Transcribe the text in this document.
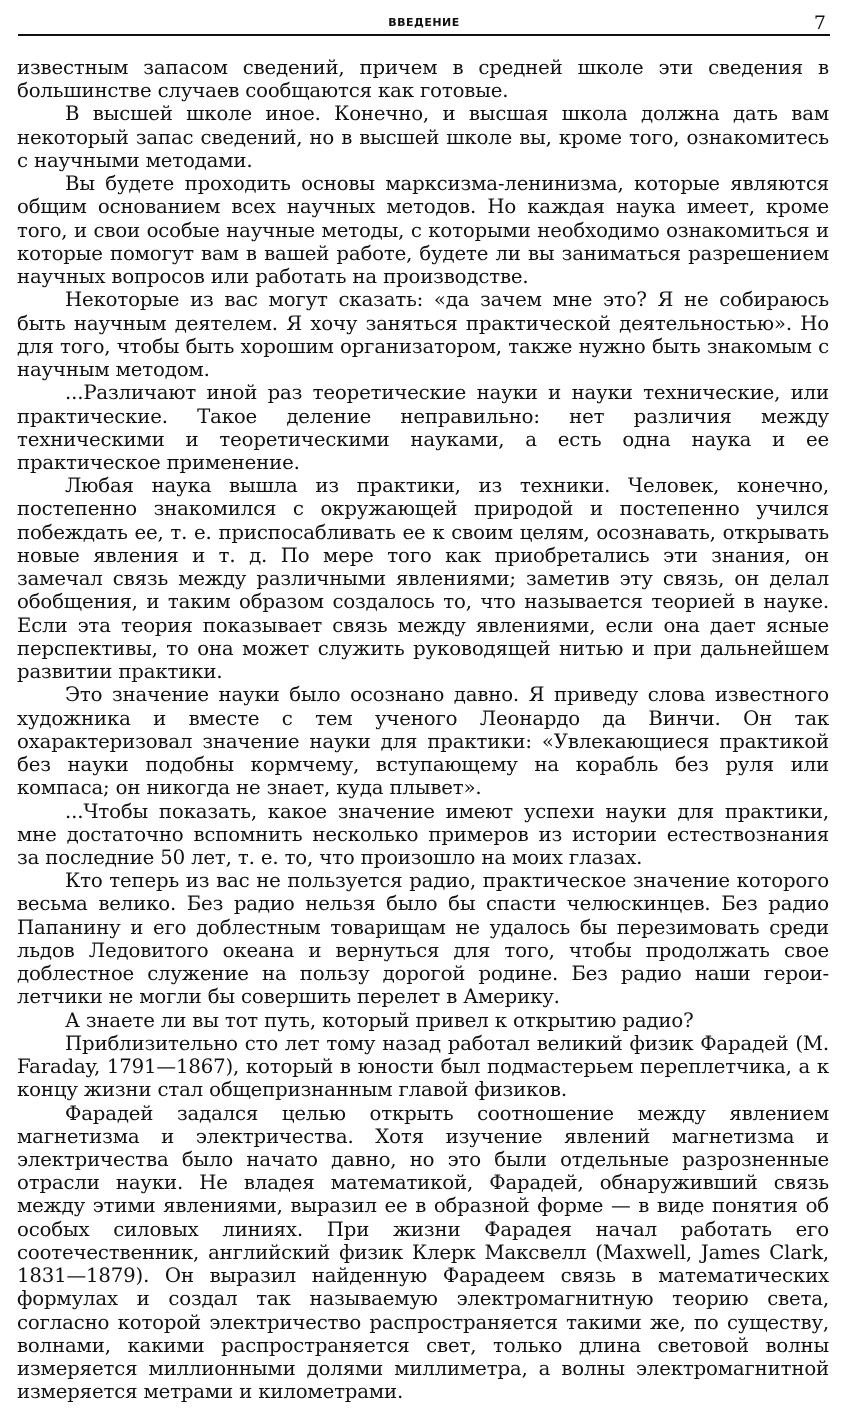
ВВЕДЕНИЕ	7

известным запасом сведений, причем в средней школе эти сведения в большинстве случаев сообщаются как готовые.

В высшей школе иное. Конечно, и высшая школа должна дать вам некоторый запас сведений, но в высшей школе вы, кроме того, ознакомитесь с научными методами.

Вы будете проходить основы марксизма-ленинизма, которые являются общим основанием всех научных методов. Но каждая наука имеет, кроме того, и свои особые научные методы, с которыми необходимо ознакомиться и которые помогут вам в вашей работе, будете ли вы заниматься разрешением научных вопросов или работать на производстве.

Некоторые из вас могут сказать: «да зачем мне это? Я не собираюсь быть научным деятелем. Я хочу заняться практической деятельностью». Но для того, чтобы быть хорошим организатором, также нужно быть знакомым с научным методом.

...Различают иной раз теоретические науки и науки технические, или практические. Такое деление неправильно: нет различия между техническими и теоретическими науками, а есть одна наука и ее практическое применение.

Любая наука вышла из практики, из техники. Человек, конечно, постепенно знакомился с окружающей природой и постепенно учился побеждать ее, т. е. приспосабливать ее к своим целям, осознавать, открывать новые явления и т. д. По мере того как приобретались эти знания, он замечал связь между различными явлениями; заметив эту связь, он делал обобщения, и таким образом создалось то, что называется теорией в науке. Если эта теория показывает связь между явлениями, если она дает ясные перспективы, то она может служить руководящей нитью и при дальнейшем развитии практики.

Это значение науки было осознано давно. Я приведу слова известного художника и вместе с тем ученого Леонардо да Винчи. Он так охарактеризовал значение науки для практики: «Увлекающиеся практикой без науки подобны кормчему, вступающему на корабль без руля или компаса; он никогда не знает, куда плывет».

...Чтобы показать, какое значение имеют успехи науки для практики, мне достаточно вспомнить несколько примеров из истории естествознания за последние 50 лет, т. е. то, что произошло на моих глазах.

Кто теперь из вас не пользуется радио, практическое значение которого весьма велико. Без радио нельзя было бы спасти челюскинцев. Без радио Папанину и его доблестным товарищам не удалось бы перезимовать среди льдов Ледовитого океана и вернуться для того, чтобы продолжать свое доблестное служение на пользу дорогой родине. Без радио наши герои-летчики не могли бы совершить перелет в Америку.

А знаете ли вы тот путь, который привел к открытию радио?

Приблизительно сто лет тому назад работал великий физик Фарадей (M. Faraday, 1791—1867), который в юности был подмастерьем переплетчика, а к концу жизни стал общепризнанным главой физиков.

Фарадей задался целью открыть соотношение между явлением магнетизма и электричества. Хотя изучение явлений магнетизма и электричества было начато давно, но это были отдельные разрозненные отрасли науки. Не владея математикой, Фарадей, обнаруживший связь между этими явлениями, выразил ее в образной форме — в виде понятия об особых силовых линиях. При жизни Фарадея начал работать его соотечественник, английский физик Клерк Максвелл (Maxwell, James Clark, 1831—1879). Он выразил найденную Фарадеем связь в математических формулах и создал так называемую электромагнитную теорию света, согласно которой электричество распространяется такими же, по существу, волнами, какими распространяется свет, только длина световой волны измеряется миллионными долями миллиметра, а волны электромагнитной измеряется метрами и километрами.
